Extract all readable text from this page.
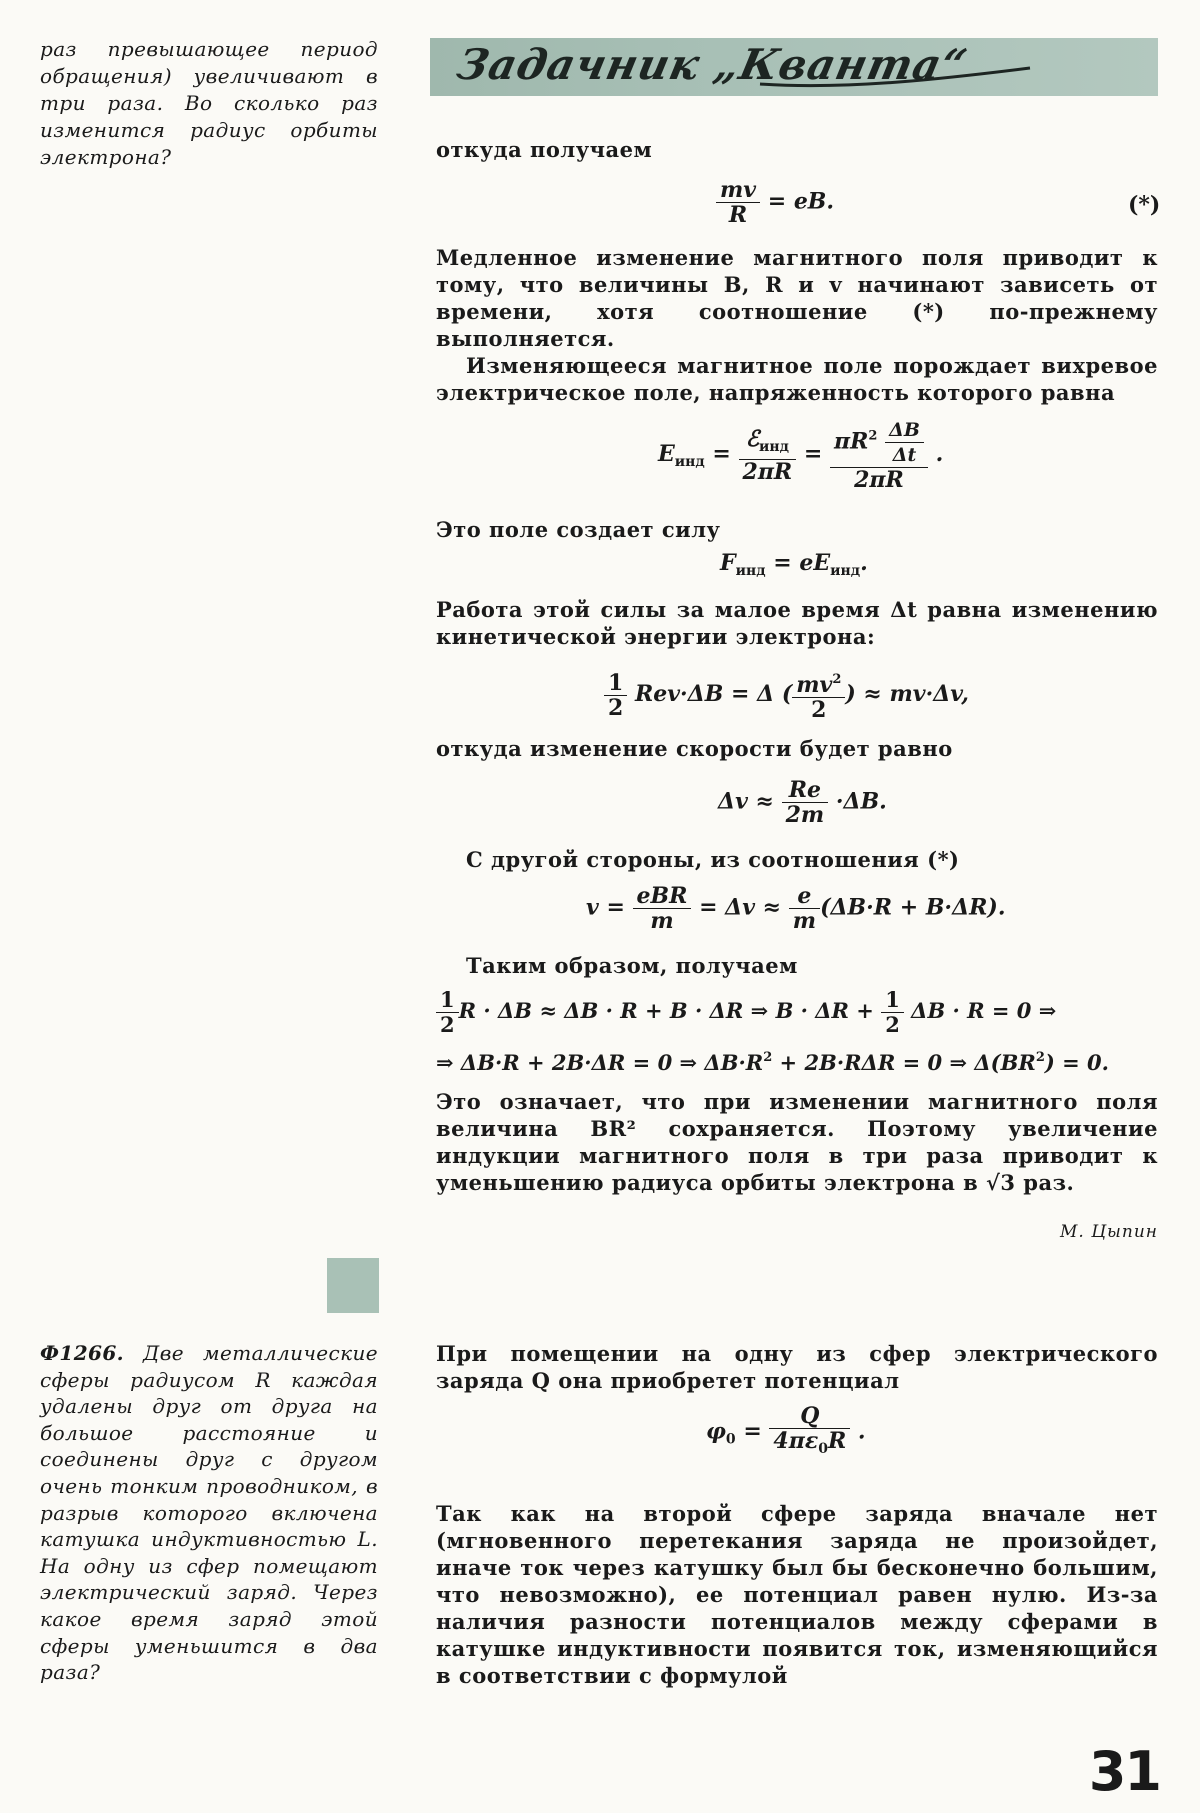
раз превышающее период обращения) увеличивают в три раза. Во сколько раз изменится радиус орбиты электрона?
Задачник „Кванта“
откуда получаем
$\frac{mv}{R}$ = eB.	(*)
Медленное изменение магнитного поля приводит к тому, что величины B, R и v начинают зависеть от времени, хотя соотношение (*) по-прежнему выполняется.
Изменяющееся магнитное поле порождает вихревое электрическое поле, напряженность которого равна
$E_{инд} = \frac{ℰ_{инд}}{2\pi R} = \frac{\pi R^2 \frac{\Delta B}{\Delta t}}{2\pi R}$ .
Это поле создает силу
$F_{инд} = eE_{инд}$.
Работа этой силы за малое время Δt равна изменению кинетической энергии электрона:
$\frac{1}{2} Rev\cdot\Delta B = \Delta$ ( $\frac{mv^2}{2}$ ) ≈ mv·Δv,
откуда изменение скорости будет равно
$\Delta v \approx \frac{Re}{2m} \cdot\Delta B$.
С другой стороны, из соотношения (*)
$v = \frac{\text{eBR}}{m} = \Delta v \approx \frac{e}{m} (\Delta B\cdot R + B\cdot\Delta R)$.
Таким образом, получаем
$\frac{1}{2}$ R · ΔB ≈ ΔB · R + B · ΔR ⇒ $B \cdot \Delta R + \frac{1}{2}$ ΔB · R = 0 ⇒
⇒ ΔB·R + 2B·ΔR = 0 ⇒ $\Delta B\cdot R^2 + 2B\cdot R\Delta R = 0$ ⇒ $\Delta(BR^2) = 0$.
Это означает, что при изменении магнитного поля величина BR² сохраняется. Поэтому увеличение индукции магнитного поля в три раза приводит к уменьшению радиуса орбиты электрона в √3 раз.
М. Цыпин
Ф1266. Две металлические сферы радиусом R каждая удалены друг от друга на большое расстояние и соединены друг с другом очень тонким проводником, в разрыв которого включена катушка индуктивностью L. На одну из сфер помещают электрический заряд. Через какое время заряд этой сферы уменьшится в два раза?
При помещении на одну из сфер электрического заряда Q она приобретет потенциал
$\varphi_0 = \frac{Q}{4\pi\varepsilon_0R}$ .
Так как на второй сфере заряда вначале нет (мгновенного перетекания заряда не произойдет, иначе ток через катушку был бы бесконечно большим, что невозможно), ее потенциал равен нулю. Из-за наличия разности потенциалов между сферами в катушке индуктивности появится ток, изменяющийся в соответствии с формулой
31
